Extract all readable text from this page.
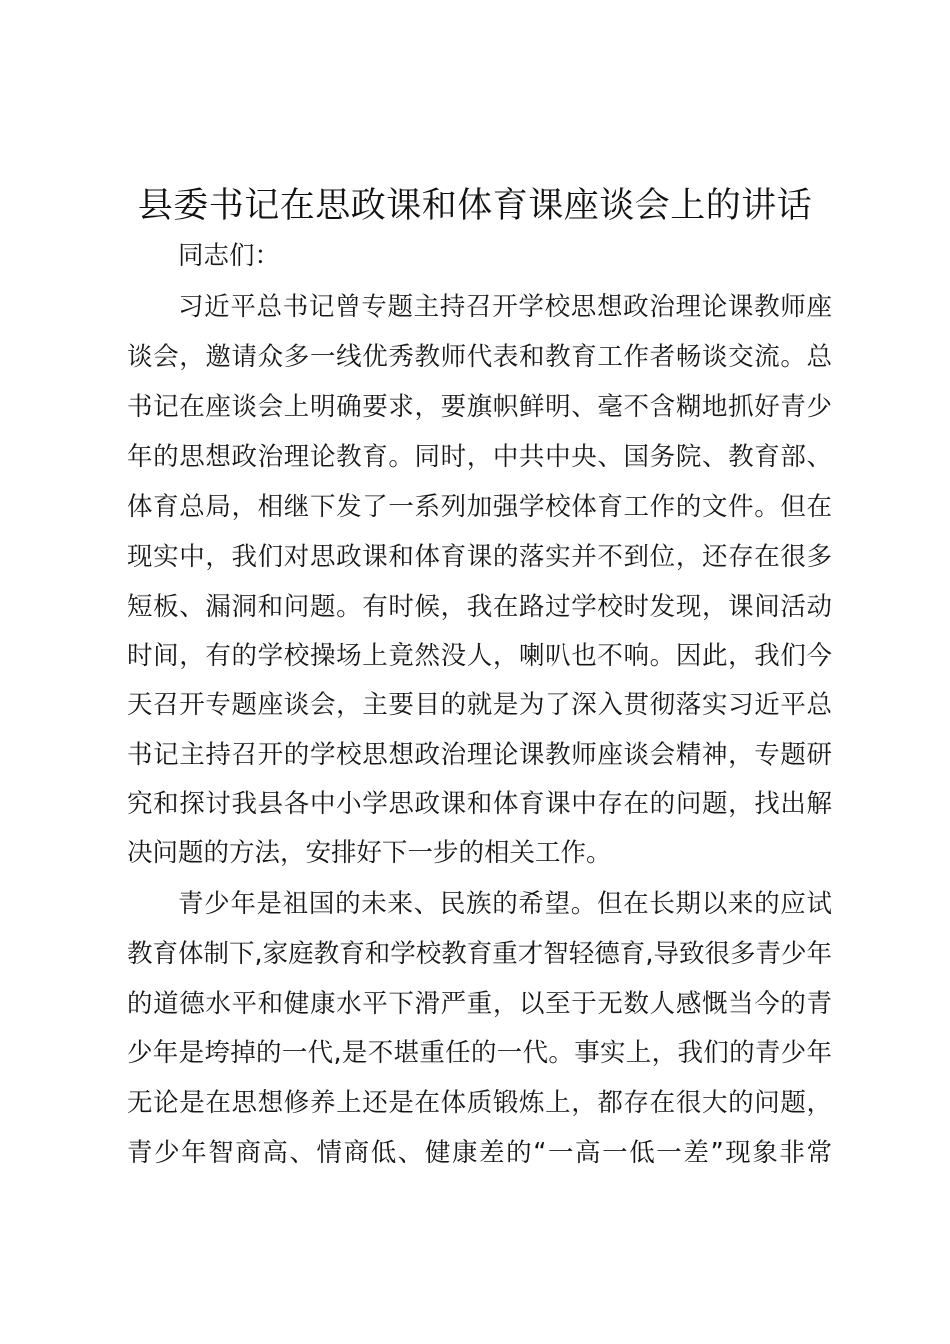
县委书记在思政课和体育课座谈会上的讲话
同志们：
习近平总书记曾专题主持召开学校思想政治理论课教师座
谈会，邀请众多一线优秀教师代表和教育工作者畅谈交流。总
书记在座谈会上明确要求，要旗帜鲜明、毫不含糊地抓好青少
年的思想政治理论教育。同时，中共中央、国务院、教育部、
体育总局，相继下发了一系列加强学校体育工作的文件。但在
现实中，我们对思政课和体育课的落实并不到位，还存在很多
短板、漏洞和问题。有时候，我在路过学校时发现，课间活动
时间，有的学校操场上竟然没人，喇叭也不响。因此，我们今
天召开专题座谈会，主要目的就是为了深入贯彻落实习近平总
书记主持召开的学校思想政治理论课教师座谈会精神，专题研
究和探讨我县各中小学思政课和体育课中存在的问题，找出解
决问题的方法，安排好下一步的相关工作。
青少年是祖国的未来、民族的希望。但在长期以来的应试
教育体制下,家庭教育和学校教育重才智轻德育,导致很多青少年
的道德水平和健康水平下滑严重，以至于无数人感慨当今的青
少年是垮掉的一代,是不堪重任的一代。事实上，我们的青少年
无论是在思想修养上还是在体质锻炼上，都存在很大的问题，
青少年智商高、情商低、健康差的“一高一低一差”现象非常
